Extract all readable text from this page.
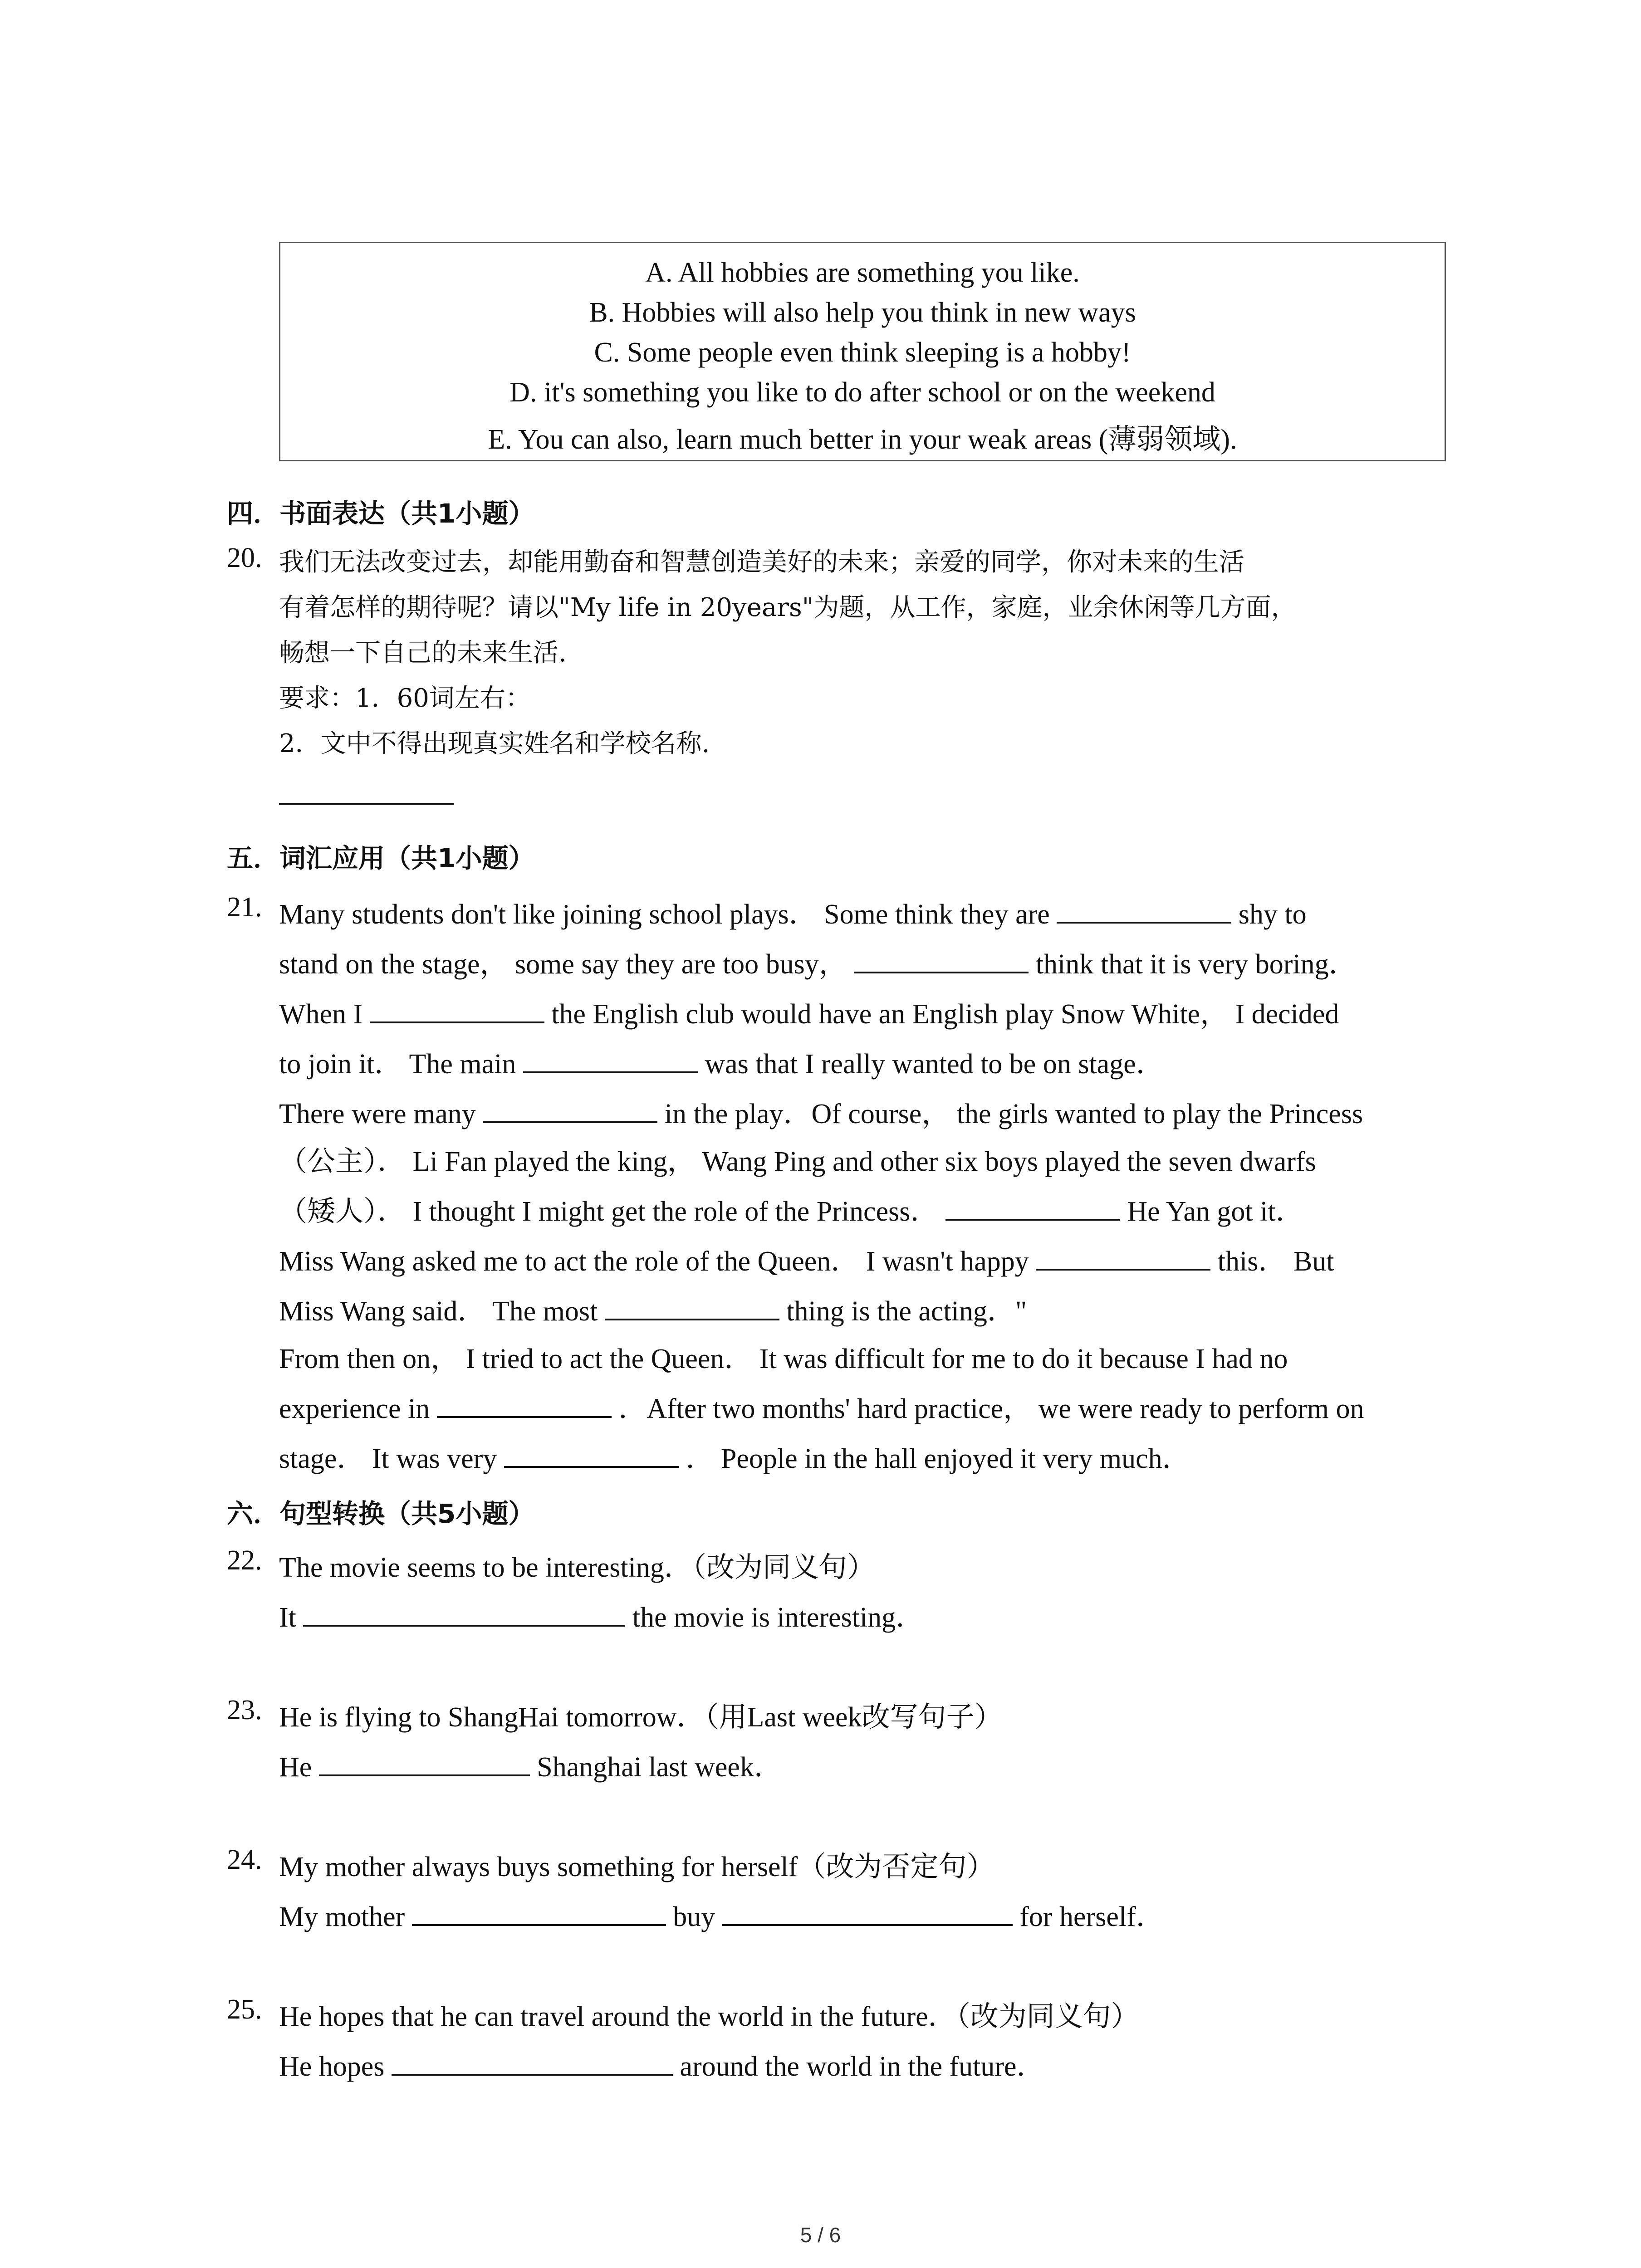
A. All hobbies are something you like.
B. Hobbies will also help you think in new ways
C. Some people even think sleeping is a hobby!
D. it's something you like to do after school or on the weekend
E. You can also, learn much better in your weak areas (薄弱领域).
四．书面表达（共1小题）
20. 我们无法改变过去，却能用勤奋和智慧创造美好的未来；亲爱的同学，你对未来的生活
有着怎样的期待呢？请以"My life in 20years"为题，从工作，家庭，业余休闲等几方面，
畅想一下自己的未来生活.
要求：1．60词左右：
2．文中不得出现真实姓名和学校名称.
五．词汇应用（共1小题）
21. Many students don't like joining school plays． Some think they are	shy to
stand on the stage， some say they are too busy，	think that it is very boring．
When I	the English club would have an English play Snow White， I decided
to join it． The main	was that I really wanted to be on stage．
There were many	in the play．Of course， the girls wanted to play the Princess
（公主）． Li Fan played the king， Wang Ping and other six boys played the seven dwarfs
（矮人）． I thought I might get the role of the Princess．	He Yan got it．
Miss Wang asked me to act the role of the Queen． I wasn't happy	this． But
Miss Wang said． The most	thing is the acting．"
From then on， I tried to act the Queen． It was difficult for me to do it because I had no
experience in	．After two months' hard practice， we were ready to perform on
stage． It was very	． People in the hall enjoyed it very much．
六．句型转换（共5小题）
22. The movie seems to be interesting．（改为同义句）
It	the movie is interesting．
23. He is flying to ShangHai tomorrow．（用Last week改写句子）
He	Shanghai last week．
24. My mother always buys something for herself（改为否定句）
My mother	buy	for herself．
25. He hopes that he can travel around the world in the future．（改为同义句）
He hopes	around the world in the future．
5 / 6
